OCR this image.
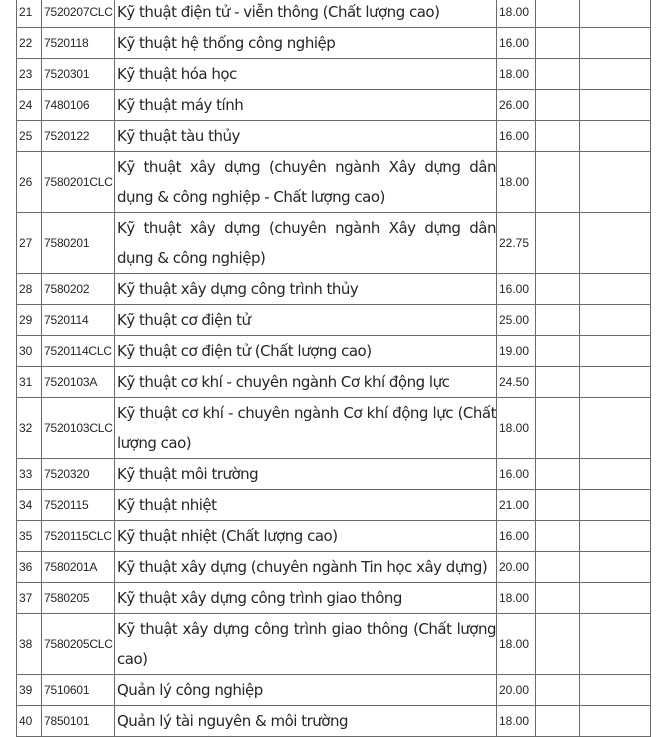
21	7520207CLC	Kỹ thuật điện tử - viễn thông (Chất lượng cao)	18.00		
22	7520118	Kỹ thuật hệ thống công nghiệp	16.00		
23	7520301	Kỹ thuật hóa học	18.00		
24	7480106	Kỹ thuật máy tính	26.00		
25	7520122	Kỹ thuật tàu thủy	16.00		
26	7580201CLC	Kỹ thuật xây dựng (chuyên ngành Xây dựng dân dụng & công nghiệp - Chất lượng cao)	18.00		
27	7580201	Kỹ thuật xây dựng (chuyên ngành Xây dựng dân dụng & công nghiệp)	22.75		
28	7580202	Kỹ thuật xây dựng công trình thủy	16.00		
29	7520114	Kỹ thuật cơ điện tử	25.00		
30	7520114CLC	Kỹ thuật cơ điện tử (Chất lượng cao)	19.00		
31	7520103A	Kỹ thuật cơ khí - chuyên ngành Cơ khí động lực	24.50		
32	7520103CLC	Kỹ thuật cơ khí - chuyên ngành Cơ khí động lực (Chất lượng cao)	18.00		
33	7520320	Kỹ thuật môi trường	16.00		
34	7520115	Kỹ thuật nhiệt	21.00		
35	7520115CLC	Kỹ thuật nhiệt (Chất lượng cao)	16.00		
36	7580201A	Kỹ thuật xây dựng (chuyên ngành Tin học xây dựng)	20.00		
37	7580205	Kỹ thuật xây dựng công trình giao thông	18.00		
38	7580205CLC	Kỹ thuật xây dựng công trình giao thông (Chất lượng cao)	18.00		
39	7510601	Quản lý công nghiệp	20.00		
40	7850101	Quản lý tài nguyên & môi trường	18.00		
